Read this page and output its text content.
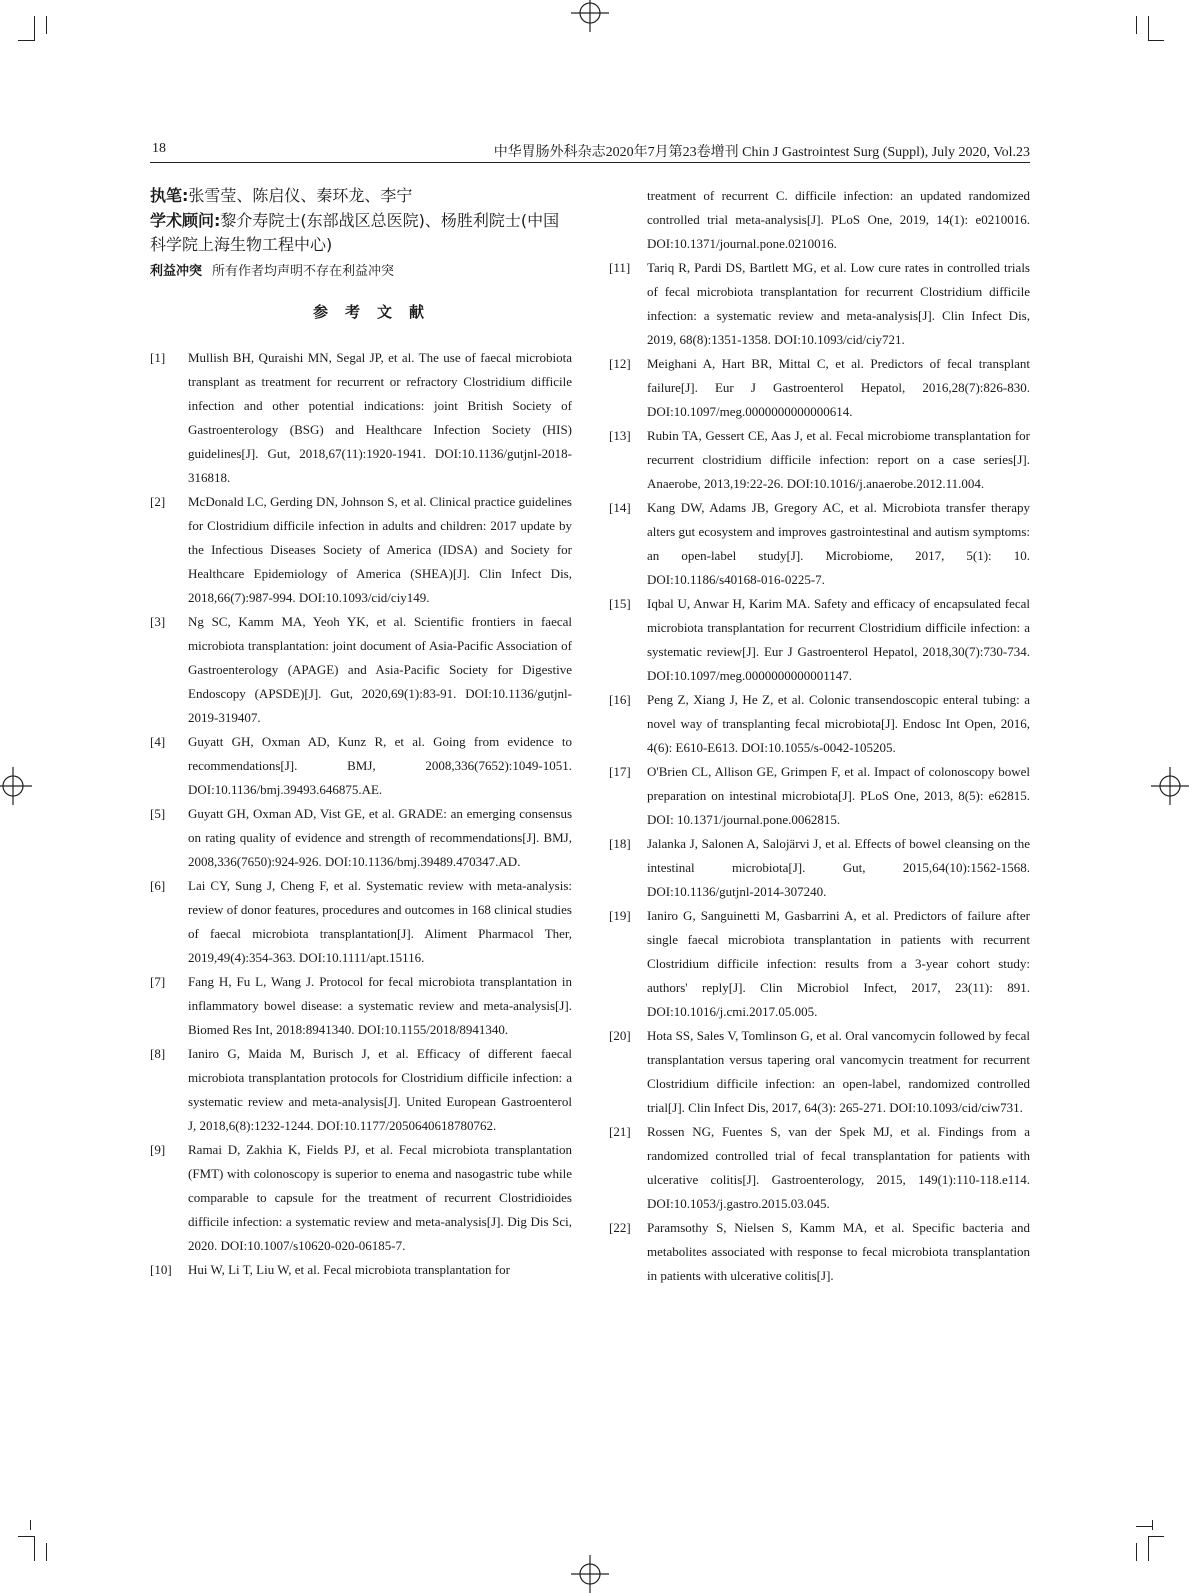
18	中华胃肠外科杂志2020年7月第23卷增刊 Chin J Gastrointest Surg (Suppl), July 2020, Vol.23
执笔:张雪莹、陈启仪、秦环龙、李宁
学术顾问:黎介寿院士(东部战区总医院)、杨胜利院士(中国科学院上海生物工程中心)
利益冲突 所有作者均声明不存在利益冲突
参考文献

[1] Mullish BH, Quraishi MN, Segal JP, et al. The use of faecal microbiota transplant as treatment for recurrent or refractory Clostridium difficile infection and other potential indications: joint British Society of Gastroenterology (BSG) and Healthcare Infection Society (HIS) guidelines[J]. Gut, 2018,67(11):1920-1941. DOI:10.1136/gutjnl-2018-316818.

[2] McDonald LC, Gerding DN, Johnson S, et al. Clinical practice guidelines for Clostridium difficile infection in adults and children: 2017 update by the Infectious Diseases Society of America (IDSA) and Society for Healthcare Epidemiology of America (SHEA)[J]. Clin Infect Dis, 2018,66(7):987-994. DOI:10.1093/cid/ciy149.

[3] Ng SC, Kamm MA, Yeoh YK, et al. Scientific frontiers in faecal microbiota transplantation: joint document of Asia-Pacific Association of Gastroenterology (APAGE) and Asia-Pacific Society for Digestive Endoscopy (APSDE)[J]. Gut, 2020,69(1):83-91. DOI:10.1136/gutjnl-2019-319407.

[4] Guyatt GH, Oxman AD, Kunz R, et al. Going from evidence to recommendations[J]. BMJ, 2008,336(7652):1049-1051. DOI:10.1136/bmj.39493.646875.AE.

[5] Guyatt GH, Oxman AD, Vist GE, et al. GRADE: an emerging consensus on rating quality of evidence and strength of recommendations[J]. BMJ, 2008,336(7650):924-926. DOI:10.1136/bmj.39489.470347.AD.

[6] Lai CY, Sung J, Cheng F, et al. Systematic review with meta-analysis: review of donor features, procedures and outcomes in 168 clinical studies of faecal microbiota transplantation[J]. Aliment Pharmacol Ther, 2019,49(4):354-363. DOI:10.1111/apt.15116.

[7] Fang H, Fu L, Wang J. Protocol for fecal microbiota transplantation in inflammatory bowel disease: a systematic review and meta-analysis[J]. Biomed Res Int, 2018:8941340. DOI:10.1155/2018/8941340.

[8] Ianiro G, Maida M, Burisch J, et al. Efficacy of different faecal microbiota transplantation protocols for Clostridium difficile infection: a systematic review and meta-analysis[J]. United European Gastroenterol J, 2018,6(8):1232-1244. DOI:10.1177/2050640618780762.

[9] Ramai D, Zakhia K, Fields PJ, et al. Fecal microbiota transplantation (FMT) with colonoscopy is superior to enema and nasogastric tube while comparable to capsule for the treatment of recurrent Clostridioides difficile infection: a systematic review and meta-analysis[J]. Dig Dis Sci, 2020. DOI:10.1007/s10620-020-06185-7.

[10] Hui W, Li T, Liu W, et al. Fecal microbiota transplantation for

treatment of recurrent C. difficile infection: an updated randomized controlled trial meta-analysis[J]. PLoS One, 2019, 14(1): e0210016. DOI:10.1371/journal.pone.0210016.

[11] Tariq R, Pardi DS, Bartlett MG, et al. Low cure rates in controlled trials of fecal microbiota transplantation for recurrent Clostridium difficile infection: a systematic review and meta-analysis[J]. Clin Infect Dis, 2019, 68(8):1351-1358. DOI:10.1093/cid/ciy721.

[12] Meighani A, Hart BR, Mittal C, et al. Predictors of fecal transplant failure[J]. Eur J Gastroenterol Hepatol, 2016,28(7):826-830. DOI:10.1097/meg.0000000000000614.

[13] Rubin TA, Gessert CE, Aas J, et al. Fecal microbiome transplantation for recurrent clostridium difficile infection: report on a case series[J]. Anaerobe, 2013,19:22-26. DOI:10.1016/j.anaerobe.2012.11.004.

[14] Kang DW, Adams JB, Gregory AC, et al. Microbiota transfer therapy alters gut ecosystem and improves gastrointestinal and autism symptoms: an open-label study[J]. Microbiome, 2017, 5(1): 10. DOI:10.1186/s40168-016-0225-7.

[15] Iqbal U, Anwar H, Karim MA. Safety and efficacy of encapsulated fecal microbiota transplantation for recurrent Clostridium difficile infection: a systematic review[J]. Eur J Gastroenterol Hepatol, 2018,30(7):730-734. DOI:10.1097/meg.0000000000001147.

[16] Peng Z, Xiang J, He Z, et al. Colonic transendoscopic enteral tubing: a novel way of transplanting fecal microbiota[J]. Endosc Int Open, 2016, 4(6): E610-E613. DOI:10.1055/s-0042-105205.

[17] O'Brien CL, Allison GE, Grimpen F, et al. Impact of colonoscopy bowel preparation on intestinal microbiota[J]. PLoS One, 2013, 8(5): e62815. DOI: 10.1371/journal.pone.0062815.

[18] Jalanka J, Salonen A, Salojärvi J, et al. Effects of bowel cleansing on the intestinal microbiota[J]. Gut, 2015,64(10):1562-1568. DOI:10.1136/gutjnl-2014-307240.

[19] Ianiro G, Sanguinetti M, Gasbarrini A, et al. Predictors of failure after single faecal microbiota transplantation in patients with recurrent Clostridium difficile infection: results from a 3-year cohort study: authors' reply[J]. Clin Microbiol Infect, 2017, 23(11): 891. DOI:10.1016/j.cmi.2017.05.005.

[20] Hota SS, Sales V, Tomlinson G, et al. Oral vancomycin followed by fecal transplantation versus tapering oral vancomycin treatment for recurrent Clostridium difficile infection: an open-label, randomized controlled trial[J]. Clin Infect Dis, 2017, 64(3): 265-271. DOI:10.1093/cid/ciw731.

[21] Rossen NG, Fuentes S, van der Spek MJ, et al. Findings from a randomized controlled trial of fecal transplantation for patients with ulcerative colitis[J]. Gastroenterology, 2015, 149(1):110-118.e114. DOI:10.1053/j.gastro.2015.03.045.

[22] Paramsothy S, Nielsen S, Kamm MA, et al. Specific bacteria and metabolites associated with response to fecal microbiota transplantation in patients with ulcerative colitis[J].
